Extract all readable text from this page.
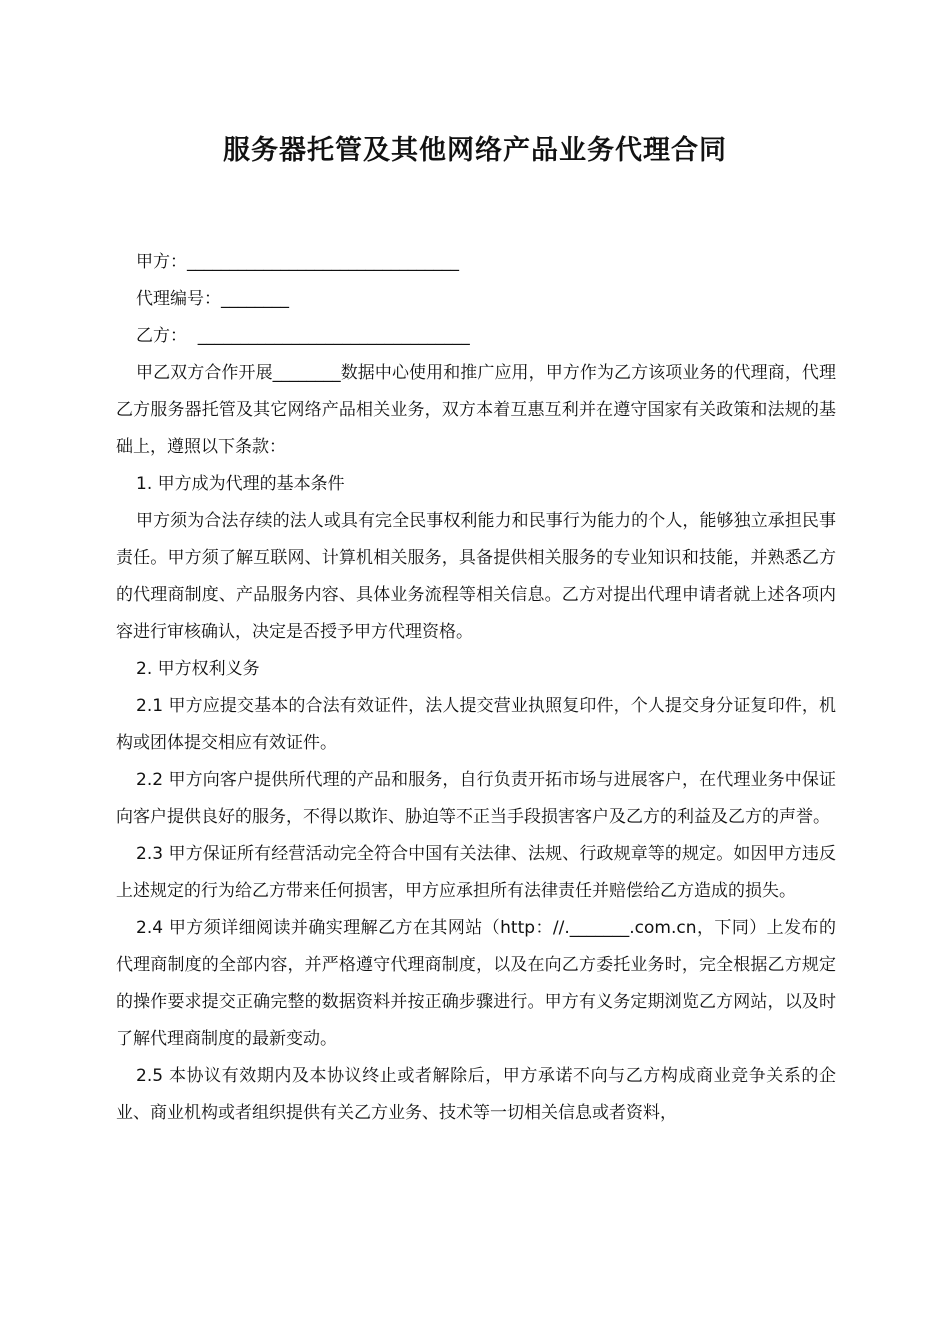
服务器托管及其他网络产品业务代理合同

甲方：________________________________

代理编号：________

乙方：  ________________________________

甲乙双方合作开展________数据中心使用和推广应用，甲方作为乙方该项业务的代理商，代理乙方服务器托管及其它网络产品相关业务，双方本着互惠互利并在遵守国家有关政策和法规的基础上，遵照以下条款：

1. 甲方成为代理的基本条件

甲方须为合法存续的法人或具有完全民事权利能力和民事行为能力的个人，能够独立承担民事责任。甲方须了解互联网、计算机相关服务，具备提供相关服务的专业知识和技能，并熟悉乙方的代理商制度、产品服务内容、具体业务流程等相关信息。乙方对提出代理申请者就上述各项内容进行审核确认，决定是否授予甲方代理资格。

2. 甲方权利义务

2.1 甲方应提交基本的合法有效证件，法人提交营业执照复印件，个人提交身分证复印件，机构或团体提交相应有效证件。

2.2 甲方向客户提供所代理的产品和服务，自行负责开拓市场与进展客户，在代理业务中保证向客户提供良好的服务，不得以欺诈、胁迫等不正当手段损害客户及乙方的利益及乙方的声誉。

2.3 甲方保证所有经营活动完全符合中国有关法律、法规、行政规章等的规定。如因甲方违反上述规定的行为给乙方带来任何损害，甲方应承担所有法律责任并赔偿给乙方造成的损失。

2.4 甲方须详细阅读并确实理解乙方在其网站（http：//._______.com.cn，下同）上发布的代理商制度的全部内容，并严格遵守代理商制度，以及在向乙方委托业务时，完全根据乙方规定的操作要求提交正确完整的数据资料并按正确步骤进行。甲方有义务定期浏览乙方网站，以及时了解代理商制度的最新变动。

2.5 本协议有效期内及本协议终止或者解除后，甲方承诺不向与乙方构成商业竞争关系的企业、商业机构或者组织提供有关乙方业务、技术等一切相关信息或者资料，
